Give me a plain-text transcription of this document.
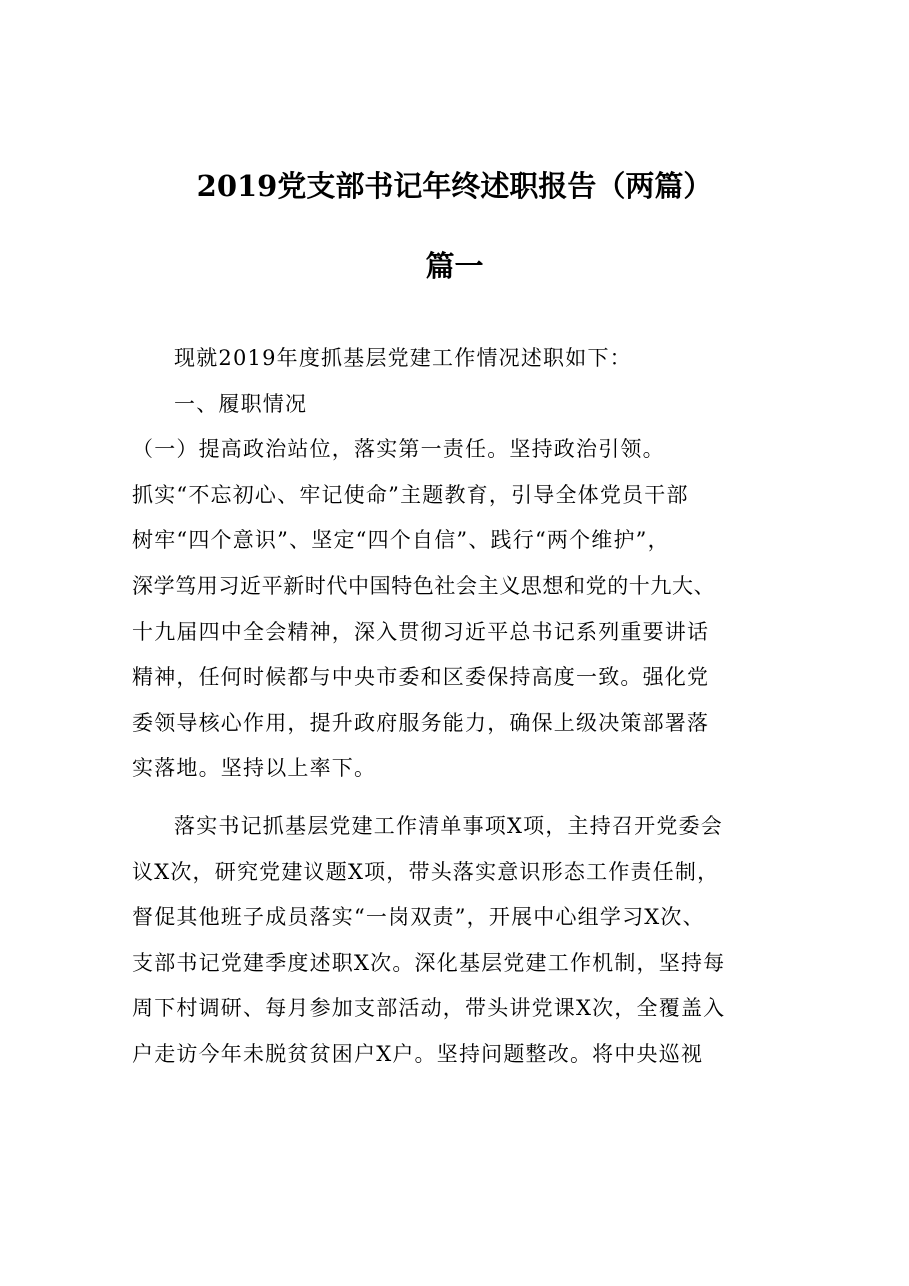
2019党支部书记年终述职报告（两篇）
篇一
现就2019年度抓基层党建工作情况述职如下：
一、履职情况
（一）提高政治站位，落实第一责任。坚持政治引领。
抓实“不忘初心、牢记使命”主题教育，引导全体党员干部
树牢“四个意识”、坚定“四个自信”、践行“两个维护”，
深学笃用习近平新时代中国特色社会主义思想和党的十九大、
十九届四中全会精神，深入贯彻习近平总书记系列重要讲话
精神，任何时候都与中央市委和区委保持高度一致。强化党
委领导核心作用，提升政府服务能力，确保上级决策部署落
实落地。坚持以上率下。
落实书记抓基层党建工作清单事项X项，主持召开党委会
议X次，研究党建议题X项，带头落实意识形态工作责任制，
督促其他班子成员落实“一岗双责”，开展中心组学习X次、
支部书记党建季度述职X次。深化基层党建工作机制，坚持每
周下村调研、每月参加支部活动，带头讲党课X次，全覆盖入
户走访今年未脱贫贫困户X户。坚持问题整改。将中央巡视
